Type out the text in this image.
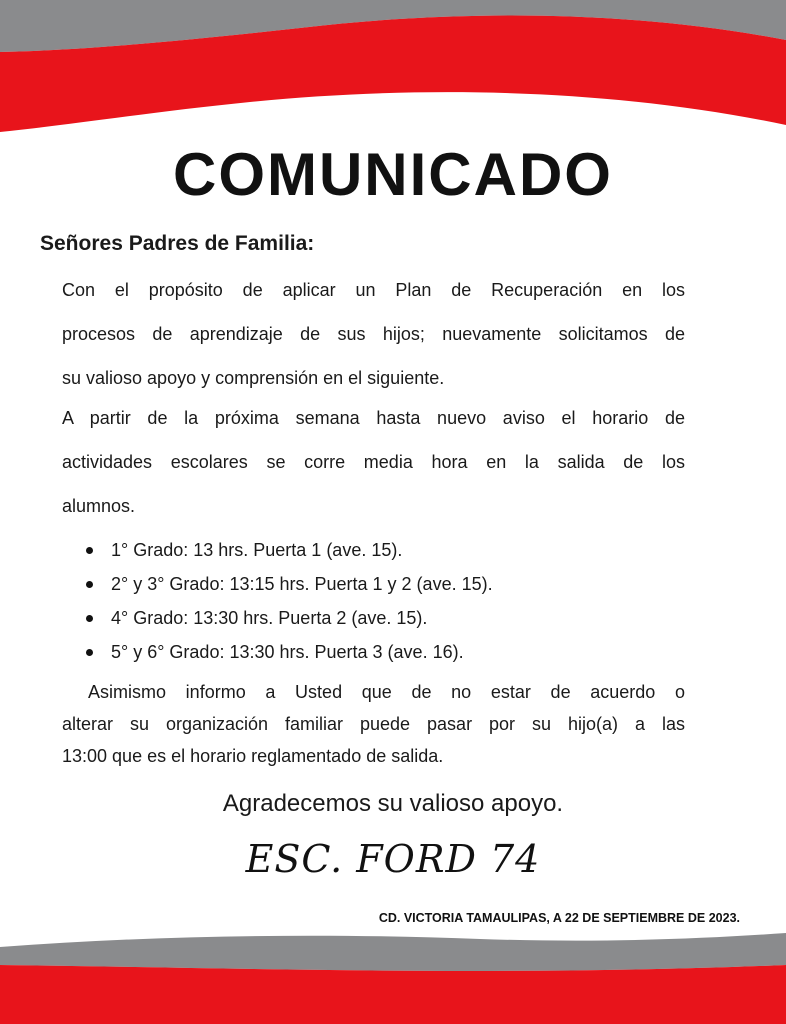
COMUNICADO
Señores Padres de Familia:
Con el propósito de aplicar un Plan de Recuperación en los
procesos de aprendizaje de sus hijos; nuevamente solicitamos de
su valioso apoyo y comprensión en el siguiente.
A partir de la próxima semana hasta nuevo aviso el horario de
actividades escolares se corre media hora en la salida de los
alumnos.
1° Grado: 13 hrs. Puerta 1 (ave. 15).
2° y 3° Grado: 13:15 hrs. Puerta 1 y 2 (ave. 15).
4° Grado: 13:30 hrs. Puerta 2 (ave. 15).
5° y 6° Grado: 13:30 hrs. Puerta 3 (ave. 16).
Asimismo informo a Usted que de no estar de acuerdo o
alterar su organización familiar puede pasar por su hijo(a) a las
13:00 que es el horario reglamentado de salida.
Agradecemos su valioso apoyo.
ESC. FORD 74
CD. VICTORIA TAMAULIPAS, A 22 DE SEPTIEMBRE DE 2023.
